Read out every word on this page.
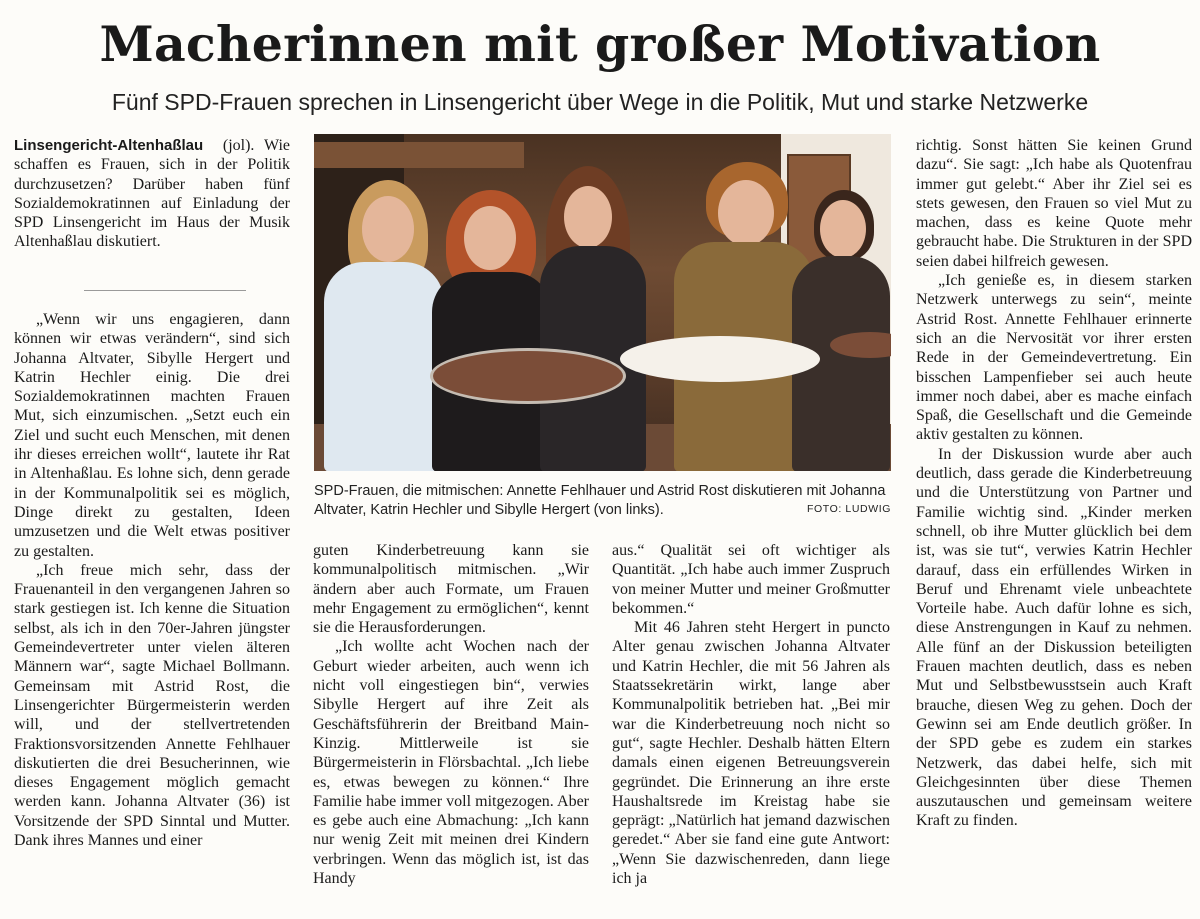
Macherinnen mit großer Motivation
Fünf SPD-Frauen sprechen in Linsengericht über Wege in die Politik, Mut und starke Netzwerke

Linsengericht-Altenhaßlau (jol). Wie schaffen es Frauen, sich in der Politik durchzusetzen? Darüber haben fünf Sozialdemokratinnen auf Einladung der SPD Linsengericht im Haus der Musik Altenhaßlau diskutiert.

„Wenn wir uns engagieren, dann können wir etwas verändern“, sind sich Johanna Altvater, Sibylle Hergert und Katrin Hechler einig. Die drei Sozialdemokratinnen machten Frauen Mut, sich einzumischen. „Setzt euch ein Ziel und sucht euch Menschen, mit denen ihr dieses erreichen wollt“, lautete ihr Rat in Altenhaßlau. Es lohne sich, denn gerade in der Kommunalpolitik sei es möglich, Dinge direkt zu gestalten, Ideen umzusetzen und die Welt etwas positiver zu gestalten.

„Ich freue mich sehr, dass der Frauenanteil in den vergangenen Jahren so stark gestiegen ist. Ich kenne die Situation selbst, als ich in den 70er-Jahren jüngster Gemeindevertreter unter vielen älteren Männern war“, sagte Michael Bollmann. Gemeinsam mit Astrid Rost, die Linsengerichter Bürgermeisterin werden will, und der stellvertretenden Fraktionsvorsitzenden Annette Fehlhauer diskutierten die drei Besucherinnen, wie dieses Engagement möglich gemacht werden kann. Johanna Altvater (36) ist Vorsitzende der SPD Sinntal und Mutter. Dank ihres Mannes und einer

SPD-Frauen, die mitmischen: Annette Fehlhauer und Astrid Rost diskutieren mit Johanna Altvater, Katrin Hechler und Sibylle Hergert (von links).	FOTO: LUDWIG

guten Kinderbetreuung kann sie kommunalpolitisch mitmischen. „Wir ändern aber auch Formate, um Frauen mehr Engagement zu ermöglichen“, kennt sie die Herausforderungen.

„Ich wollte acht Wochen nach der Geburt wieder arbeiten, auch wenn ich nicht voll eingestiegen bin“, verwies Sibylle Hergert auf ihre Zeit als Geschäftsführerin der Breitband Main-Kinzig. Mittlerweile ist sie Bürgermeisterin in Flörsbachtal. „Ich liebe es, etwas bewegen zu können.“ Ihre Familie habe immer voll mitgezogen. Aber es gebe auch eine Abmachung: „Ich kann nur wenig Zeit mit meinen drei Kindern verbringen. Wenn das möglich ist, ist das Handy

aus.“ Qualität sei oft wichtiger als Quantität. „Ich habe auch immer Zuspruch von meiner Mutter und meiner Großmutter bekommen.“

Mit 46 Jahren steht Hergert in puncto Alter genau zwischen Johanna Altvater und Katrin Hechler, die mit 56 Jahren als Staatssekretärin wirkt, lange aber Kommunalpolitik betrieben hat. „Bei mir war die Kinderbetreuung noch nicht so gut“, sagte Hechler. Deshalb hätten Eltern damals einen eigenen Betreuungsverein gegründet. Die Erinnerung an ihre erste Haushaltsrede im Kreistag habe sie geprägt: „Natürlich hat jemand dazwischen geredet.“ Aber sie fand eine gute Antwort: „Wenn Sie dazwischenreden, dann liege ich ja

richtig. Sonst hätten Sie keinen Grund dazu“. Sie sagt: „Ich habe als Quotenfrau immer gut gelebt.“ Aber ihr Ziel sei es stets gewesen, den Frauen so viel Mut zu machen, dass es keine Quote mehr gebraucht habe. Die Strukturen in der SPD seien dabei hilfreich gewesen.

„Ich genieße es, in diesem starken Netzwerk unterwegs zu sein“, meinte Astrid Rost. Annette Fehlhauer erinnerte sich an die Nervosität vor ihrer ersten Rede in der Gemeindevertretung. Ein bisschen Lampenfieber sei auch heute immer noch dabei, aber es mache einfach Spaß, die Gesellschaft und die Gemeinde aktiv gestalten zu können.

In der Diskussion wurde aber auch deutlich, dass gerade die Kinderbetreuung und die Unterstützung von Partner und Familie wichtig sind. „Kinder merken schnell, ob ihre Mutter glücklich bei dem ist, was sie tut“, verwies Katrin Hechler darauf, dass ein erfüllendes Wirken in Beruf und Ehrenamt viele unbeachtete Vorteile habe. Auch dafür lohne es sich, diese Anstrengungen in Kauf zu nehmen. Alle fünf an der Diskussion beteiligten Frauen machten deutlich, dass es neben Mut und Selbstbewusstsein auch Kraft brauche, diesen Weg zu gehen. Doch der Gewinn sei am Ende deutlich größer. In der SPD gebe es zudem ein starkes Netzwerk, das dabei helfe, sich mit Gleichgesinnten über diese Themen auszutauschen und gemeinsam weitere Kraft zu finden.
